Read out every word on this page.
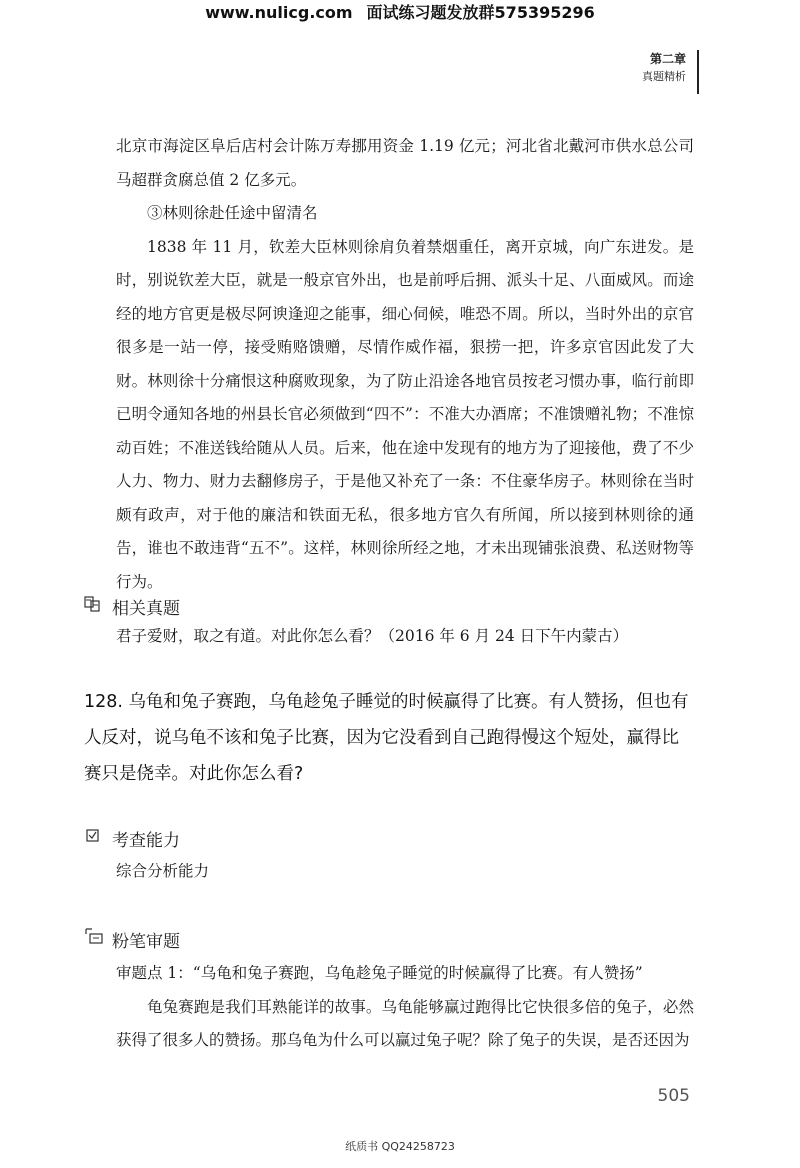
www.nulicg.com 面试练习题发放群575395296
第二章
真题精析

北京市海淀区阜后店村会计陈万寿挪用资金 1.19 亿元；河北省北戴河市供水总公司马超群贪腐总值 2 亿多元。

③林则徐赴任途中留清名

1838 年 11 月，钦差大臣林则徐肩负着禁烟重任，离开京城，向广东进发。是时，别说钦差大臣，就是一般京官外出，也是前呼后拥、派头十足、八面威风。而途经的地方官更是极尽阿谀逢迎之能事，细心伺候，唯恐不周。所以，当时外出的京官很多是一站一停，接受贿赂馈赠，尽情作威作福，狠捞一把，许多京官因此发了大财。林则徐十分痛恨这种腐败现象，为了防止沿途各地官员按老习惯办事，临行前即已明令通知各地的州县长官必须做到“四不”：不准大办酒席；不准馈赠礼物；不准惊动百姓；不准送钱给随从人员。后来，他在途中发现有的地方为了迎接他，费了不少人力、物力、财力去翻修房子，于是他又补充了一条：不住豪华房子。林则徐在当时颇有政声，对于他的廉洁和铁面无私，很多地方官久有所闻，所以接到林则徐的通告，谁也不敢违背“五不”。这样，林则徐所经之地，才未出现铺张浪费、私送财物等行为。

相关真题
君子爱财，取之有道。对此你怎么看？（2016 年 6 月 24 日下午内蒙古）
128. 乌龟和兔子赛跑，乌龟趁兔子睡觉的时候赢得了比赛。有人赞扬，但也有人反对，说乌龟不该和兔子比赛，因为它没看到自己跑得慢这个短处，赢得比赛只是侥幸。对此你怎么看?
考查能力
综合分析能力
粉笔审题

审题点 1：“乌龟和兔子赛跑，乌龟趁兔子睡觉的时候赢得了比赛。有人赞扬”

龟兔赛跑是我们耳熟能详的故事。乌龟能够赢过跑得比它快很多倍的兔子，必然获得了很多人的赞扬。那乌龟为什么可以赢过兔子呢？除了兔子的失误，是否还因为

505
纸质书 QQ24258723
